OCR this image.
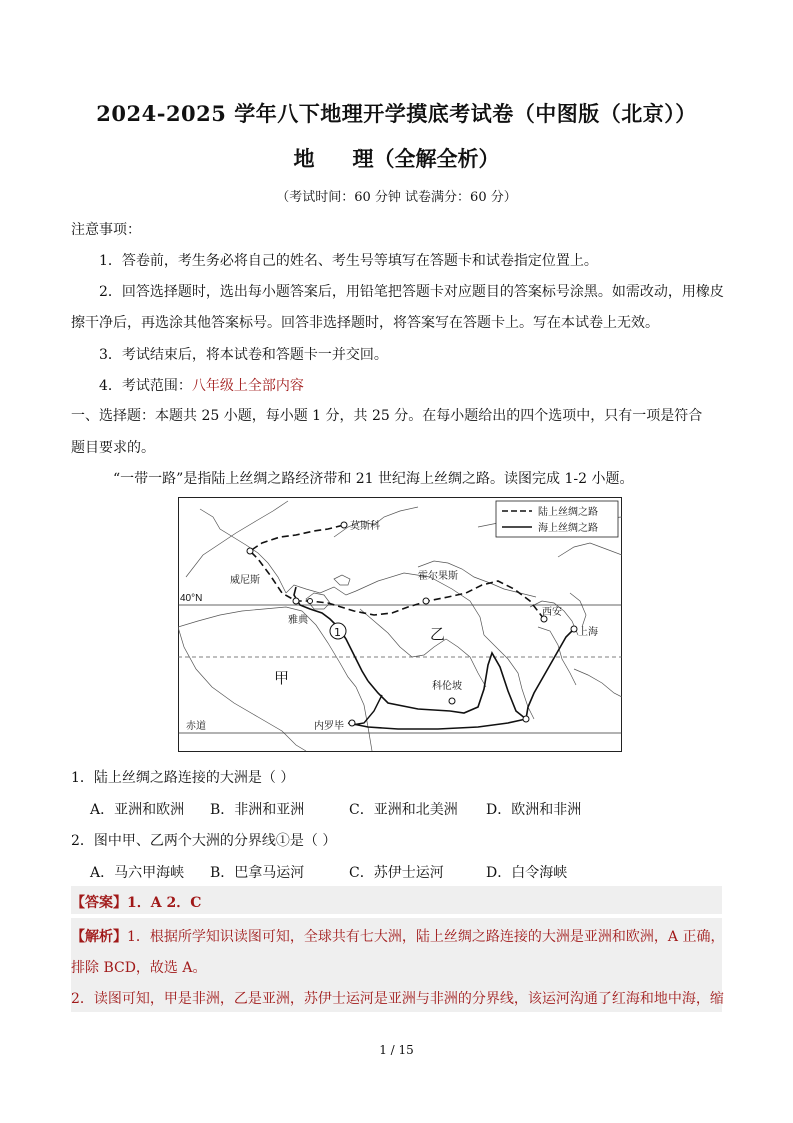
2024-2025 学年八下地理开学摸底考试卷（中图版（北京））
地 理（全解全析）
（考试时间：60 分钟 试卷满分：60 分）
注意事项：
1．答卷前，考生务必将自己的姓名、考生号等填写在答题卡和试卷指定位置上。
2．回答选择题时，选出每小题答案后，用铅笔把答题卡对应题目的答案标号涂黑。如需改动，用橡皮
擦干净后，再选涂其他答案标号。回答非选择题时，将答案写在答题卡上。写在本试卷上无效。
3．考试结束后，将本试卷和答题卡一并交回。
4．考试范围：八年级上全部内容
一、选择题：本题共 25 小题，每小题 1 分，共 25 分。在每小题给出的四个选项中，只有一项是符合
题目要求的。
“一带一路”是指陆上丝绸之路经济带和 21 世纪海上丝绸之路。读图完成 1-2 小题。
陆上丝绸之路
海上丝绸之路
莫斯科
威尼斯	霍尔果斯
40°N
雅典
西安
上海
科伦坡
赤道	内罗毕
乙
甲
1
1．陆上丝绸之路连接的大洲是（ ）
A．亚洲和欧洲 B．非洲和亚洲	C．亚洲和北美洲 D．欧洲和非洲
2．图中甲、乙两个大洲的分界线①是（ ）
A．马六甲海峡 B．巴拿马运河	C．苏伊士运河	D．白令海峡
【答案】1．A 2．C
【解析】1．根据所学知识读图可知，全球共有七大洲，陆上丝绸之路连接的大洲是亚洲和欧洲，A 正确，
排除 BCD，故选 A。
2．读图可知，甲是非洲，乙是亚洲，苏伊士运河是亚洲与非洲的分界线，该运河沟通了红海和地中海，缩
1 / 15
